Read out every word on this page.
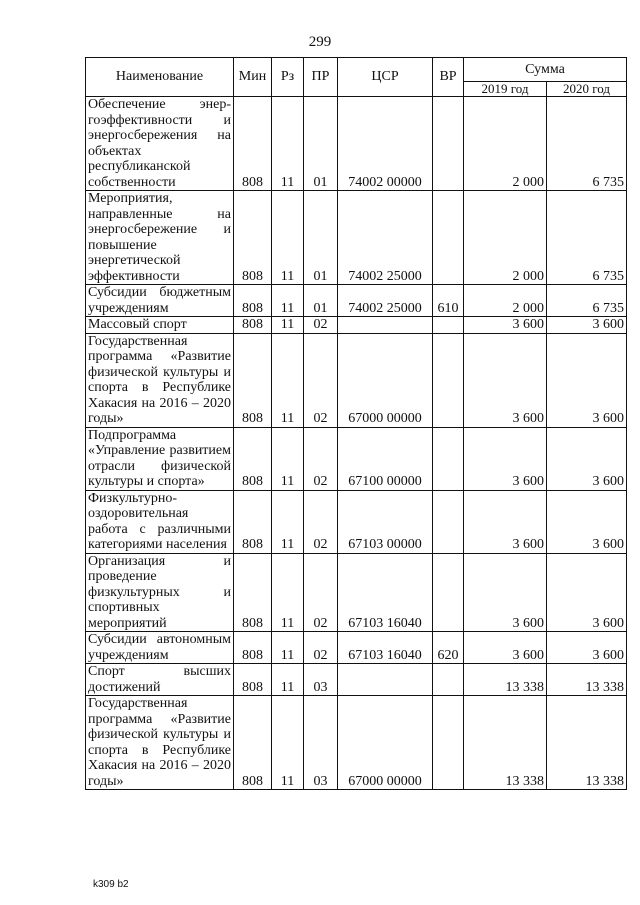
299
Наименование	Мин	Рз	ПР	ЦСР	ВР	Сумма	
						2019 год	2020 год
Обеспечение энер-гоэффективности и энергосбережения на объектах республиканской собственности	808	11	01	74002 00000		2 000	6 735
Мероприятия, направленные на энергосбережение и повышение энергетической эффективности	808	11	01	74002 25000		2 000	6 735
Субсидии бюджетным учреждениям	808	11	01	74002 25000	610	2 000	6 735
Массовый спорт	808	11	02			3 600	3 600
Государственная программа «Развитие физической культуры и спорта в Республике Хакасия на 2016 – 2020 годы»	808	11	02	67000 00000		3 600	3 600
Подпрограмма «Управление развитием отрасли физической культуры и спорта»	808	11	02	67100 00000		3 600	3 600
Физкультурно-оздоровительная работа с различными категориями населения	808	11	02	67103 00000		3 600	3 600
Организация и проведение физкультурных и спортивных мероприятий	808	11	02	67103 16040		3 600	3 600
Субсидии автономным учреждениям	808	11	02	67103 16040	620	3 600	3 600
Спорт высших достижений	808	11	03			13 338	13 338
Государственная программа «Развитие физической культуры и спорта в Республике Хакасия на 2016 – 2020 годы»	808	11	03	67000 00000		13 338	13 338
k309 b2
